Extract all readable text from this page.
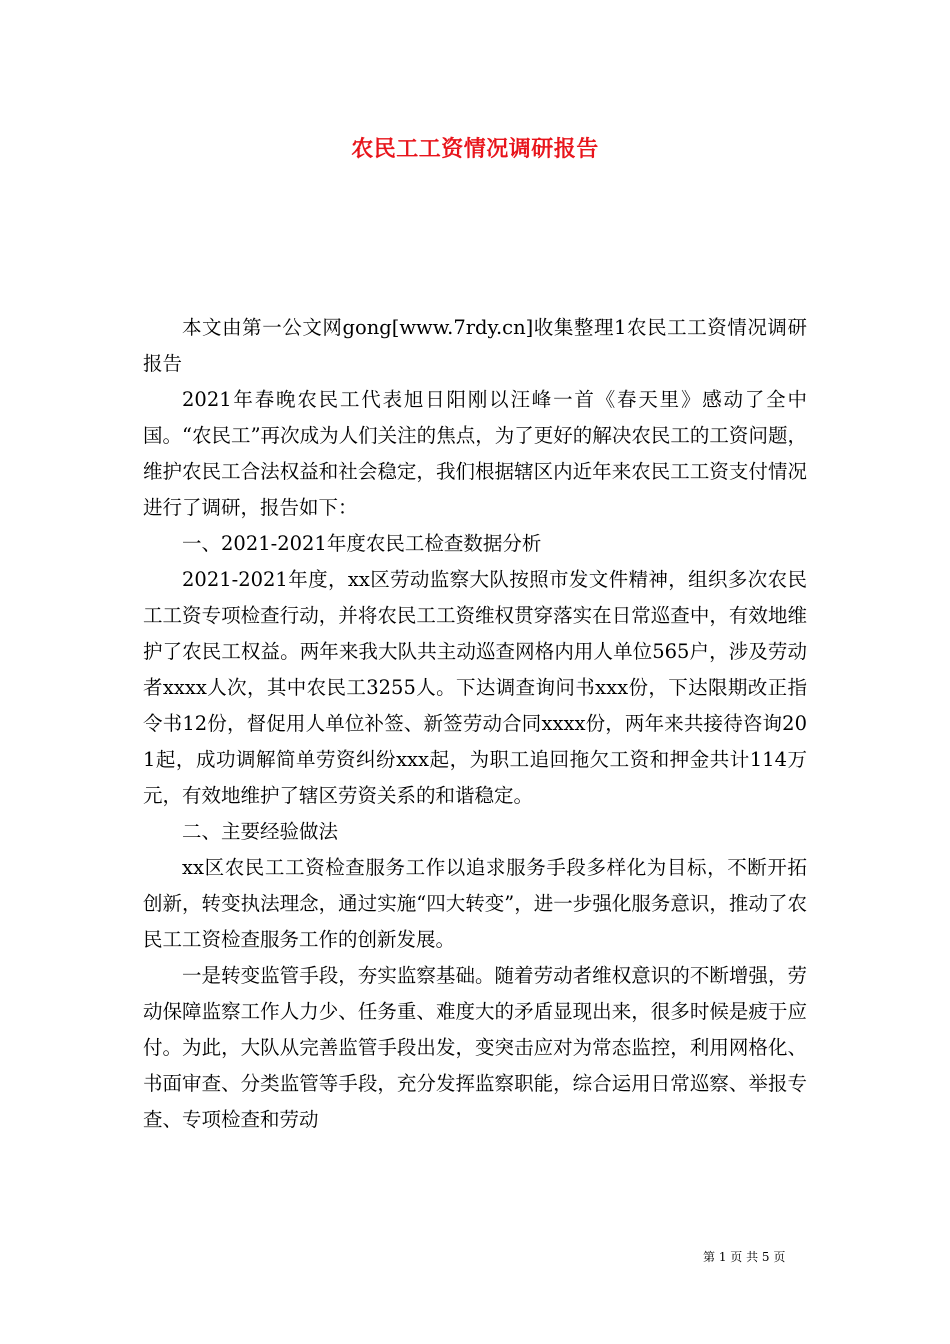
农民工工资情况调研报告

本文由第一公文网gong[www.7rdy.cn]收集整理1农民工工资情况调研报告

2021年春晚农民工代表旭日阳刚以汪峰一首《春天里》感动了全中国。“农民工”再次成为人们关注的焦点，为了更好的解决农民工的工资问题，维护农民工合法权益和社会稳定，我们根据辖区内近年来农民工工资支付情况进行了调研，报告如下：

一、2021-2021年度农民工检查数据分析

2021-2021年度，xx区劳动监察大队按照市发文件精神，组织多次农民工工资专项检查行动，并将农民工工资维权贯穿落实在日常巡查中，有效地维护了农民工权益。两年来我大队共主动巡查网格内用人单位565户，涉及劳动者xxxx人次，其中农民工3255人。下达调查询问书xxx份，下达限期改正指令书12份，督促用人单位补签、新签劳动合同xxxx份，两年来共接待咨询201起，成功调解简单劳资纠纷xxx起，为职工追回拖欠工资和押金共计114万元，有效地维护了辖区劳资关系的和谐稳定。

二、主要经验做法

xx区农民工工资检查服务工作以追求服务手段多样化为目标，不断开拓创新，转变执法理念，通过实施“四大转变”，进一步强化服务意识，推动了农民工工资检查服务工作的创新发展。

一是转变监管手段，夯实监察基础。随着劳动者维权意识的不断增强，劳动保障监察工作人力少、任务重、难度大的矛盾显现出来，很多时候是疲于应付。为此，大队从完善监管手段出发，变突击应对为常态监控，利用网格化、书面审查、分类监管等手段，充分发挥监察职能，综合运用日常巡察、举报专查、专项检查和劳动

第 1 页 共 5 页
